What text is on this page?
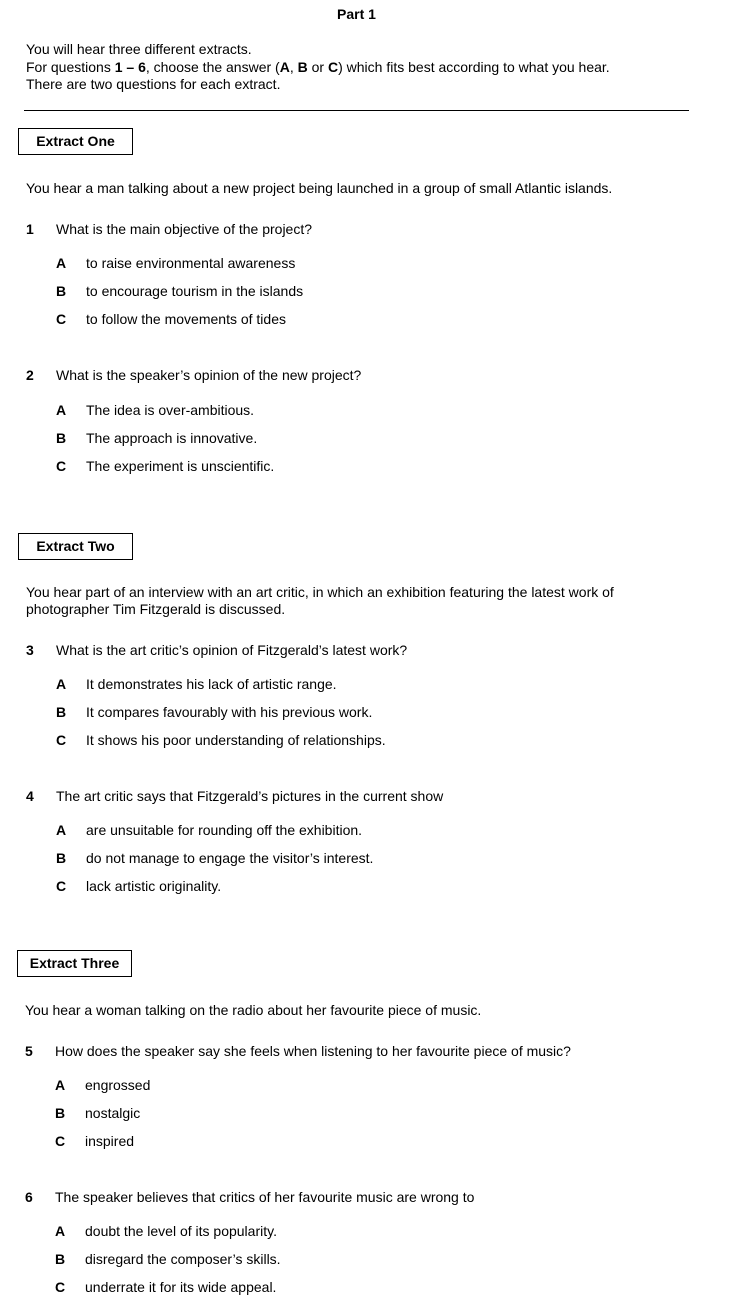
Part 1
You will hear three different extracts.
For questions 1 – 6, choose the answer (A, B or C) which fits best according to what you hear.
There are two questions for each extract.
Extract One
You hear a man talking about a new project being launched in a group of small Atlantic islands.
1 What is the main objective of the project?
A to raise environmental awareness
B to encourage tourism in the islands
C to follow the movements of tides
2 What is the speaker’s opinion of the new project?
A The idea is over-ambitious.
B The approach is innovative.
C The experiment is unscientific.
Extract Two
You hear part of an interview with an art critic, in which an exhibition featuring the latest work of photographer Tim Fitzgerald is discussed.
3 What is the art critic’s opinion of Fitzgerald’s latest work?
A It demonstrates his lack of artistic range.
B It compares favourably with his previous work.
C It shows his poor understanding of relationships.
4 The art critic says that Fitzgerald’s pictures in the current show
A are unsuitable for rounding off the exhibition.
B do not manage to engage the visitor’s interest.
C lack artistic originality.
Extract Three
You hear a woman talking on the radio about her favourite piece of music.
5 How does the speaker say she feels when listening to her favourite piece of music?
A engrossed
B nostalgic
C inspired
6 The speaker believes that critics of her favourite music are wrong to
A doubt the level of its popularity.
B disregard the composer’s skills.
C underrate it for its wide appeal.
